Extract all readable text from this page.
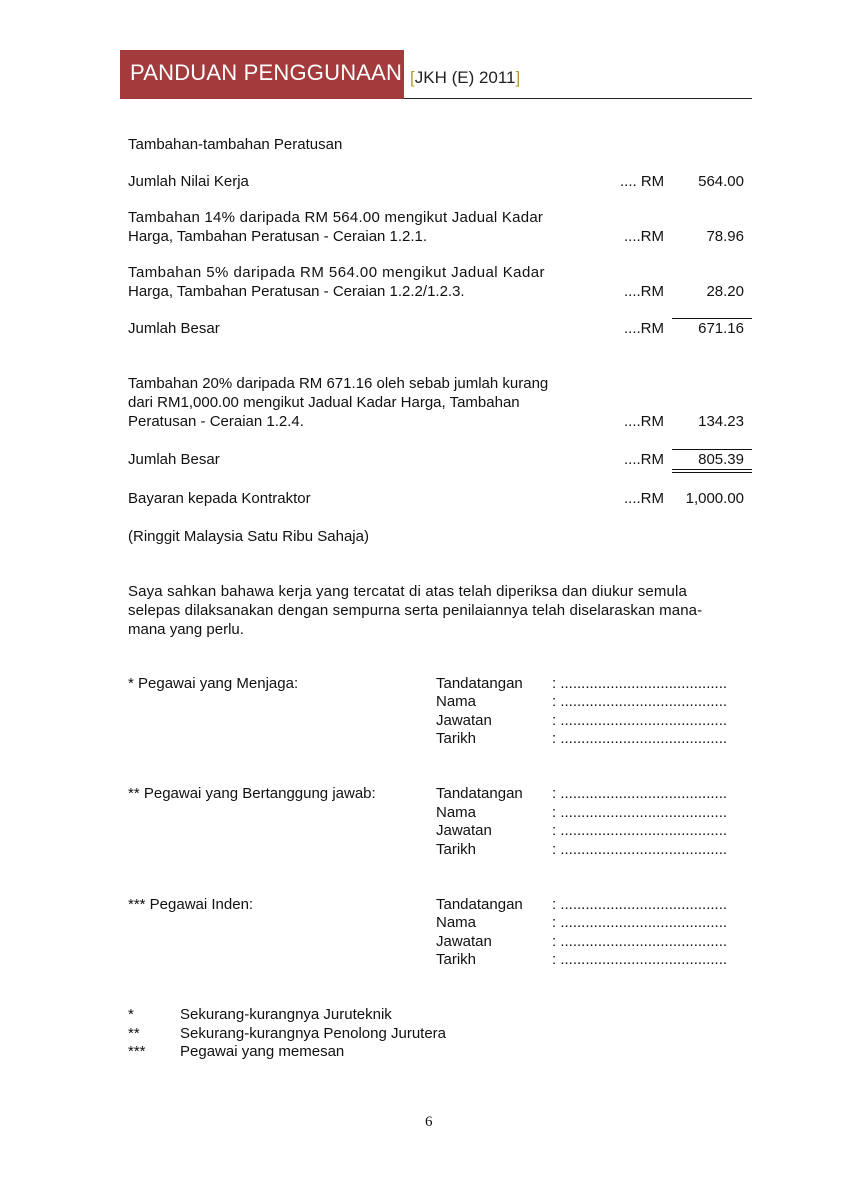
PANDUAN PENGGUNAAN [JKH (E) 2011]
Tambahan-tambahan Peratusan
Jumlah Nilai Kerja	.... RM	564.00
Tambahan 14% daripada RM 564.00 mengikut Jadual Kadar
Harga, Tambahan Peratusan - Ceraian 1.2.1.	....RM	78.96
Tambahan 5% daripada RM 564.00 mengikut Jadual Kadar
Harga, Tambahan Peratusan - Ceraian 1.2.2/1.2.3.	....RM	28.20
Jumlah Besar	....RM	671.16
Tambahan 20% daripada RM 671.16 oleh sebab jumlah kurang
dari RM1,000.00 mengikut Jadual Kadar Harga, Tambahan
Peratusan - Ceraian 1.2.4.	....RM	134.23
Jumlah Besar	....RM	805.39
Bayaran kepada Kontraktor	....RM	1,000.00
(Ringgit Malaysia Satu Ribu Sahaja)
Saya sahkan bahawa kerja yang tercatat di atas telah diperiksa dan diukur semula
selepas dilaksanakan dengan sempurna serta penilaiannya telah diselaraskan mana-
mana yang perlu.
* Pegawai yang Menjaga:	Tandatangan : ........................................
Nama	: ........................................
Jawatan	: ........................................
Tarikh	: ........................................
** Pegawai yang Bertanggung jawab:	Tandatangan : ........................................
Nama	: ........................................
Jawatan	: ........................................
Tarikh	: ........................................
*** Pegawai Inden:	Tandatangan : ........................................
Nama	: ........................................
Jawatan	: ........................................
Tarikh	: ........................................
*	Sekurang-kurangnya Juruteknik
**	Sekurang-kurangnya Penolong Jurutera
*** Pegawai yang memesan
6
